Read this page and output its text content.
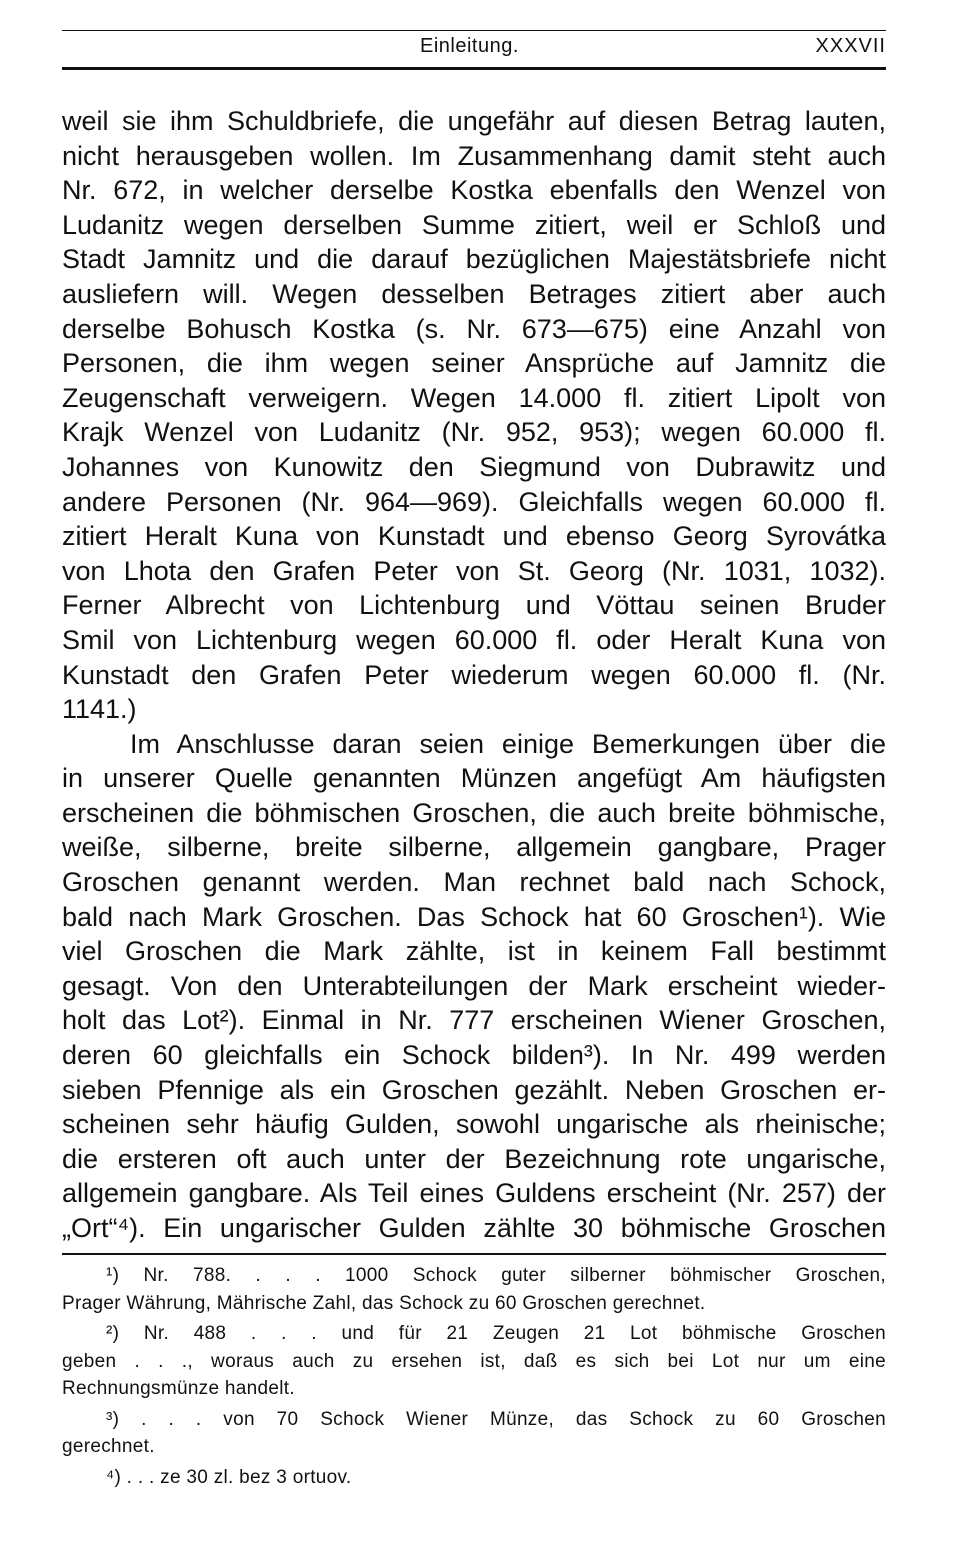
Einleitung.	XXXVII
weil sie ihm Schuldbriefe, die ungefähr auf diesen Betrag lauten,
nicht herausgeben wollen. Im Zusammenhang damit steht auch
Nr. 672, in welcher derselbe Kostka ebenfalls den Wenzel von
Ludanitz wegen derselben Summe zitiert, weil er Schloß und
Stadt Jamnitz und die darauf bezüglichen Majestätsbriefe nicht
ausliefern will. Wegen desselben Betrages zitiert aber auch
derselbe Bohusch Kostka (s. Nr. 673—675) eine Anzahl von
Personen, die ihm wegen seiner Ansprüche auf Jamnitz die
Zeugenschaft verweigern. Wegen 14.000 fl. zitiert Lipolt von
Krajk Wenzel von Ludanitz (Nr. 952, 953); wegen 60.000 fl.
Johannes von Kunowitz den Siegmund von Dubrawitz und
andere Personen (Nr. 964—969). Gleichfalls wegen 60.000 fl.
zitiert Heralt Kuna von Kunstadt und ebenso Georg Syrovátka
von Lhota den Grafen Peter von St. Georg (Nr. 1031, 1032).
Ferner Albrecht von Lichtenburg und Vöttau seinen Bruder
Smil von Lichtenburg wegen 60.000 fl. oder Heralt Kuna von
Kunstadt den Grafen Peter wiederum wegen 60.000 fl. (Nr.
1141.)
Im Anschlusse daran seien einige Bemerkungen über die
in unserer Quelle genannten Münzen angefügt Am häufigsten
erscheinen die böhmischen Groschen, die auch breite böhmische,
weiße, silberne, breite silberne, allgemein gangbare, Prager
Groschen genannt werden. Man rechnet bald nach Schock,
bald nach Mark Groschen. Das Schock hat 60 Groschen¹). Wie
viel Groschen die Mark zählte, ist in keinem Fall bestimmt
gesagt. Von den Unterabteilungen der Mark erscheint wieder-
holt das Lot²). Einmal in Nr. 777 erscheinen Wiener Groschen,
deren 60 gleichfalls ein Schock bilden³). In Nr. 499 werden
sieben Pfennige als ein Groschen gezählt. Neben Groschen er-
scheinen sehr häufig Gulden, sowohl ungarische als rheinische;
die ersteren oft auch unter der Bezeichnung rote ungarische,
allgemein gangbare. Als Teil eines Guldens erscheint (Nr. 257) der
„Ort“⁴). Ein ungarischer Gulden zählte 30 böhmische Groschen
¹) Nr. 788. . . . 1000 Schock guter silberner böhmischer Groschen,
Prager Währung, Mährische Zahl, das Schock zu 60 Groschen gerechnet.
²) Nr. 488 . . . und für 21 Zeugen 21 Lot böhmische Groschen
geben . . ., woraus auch zu ersehen ist, daß es sich bei Lot nur um eine
Rechnungsmünze handelt.
³) . . . von 70 Schock Wiener Münze, das Schock zu 60 Groschen
gerechnet.
⁴) . . . ze 30 zl. bez 3 ortuov.
